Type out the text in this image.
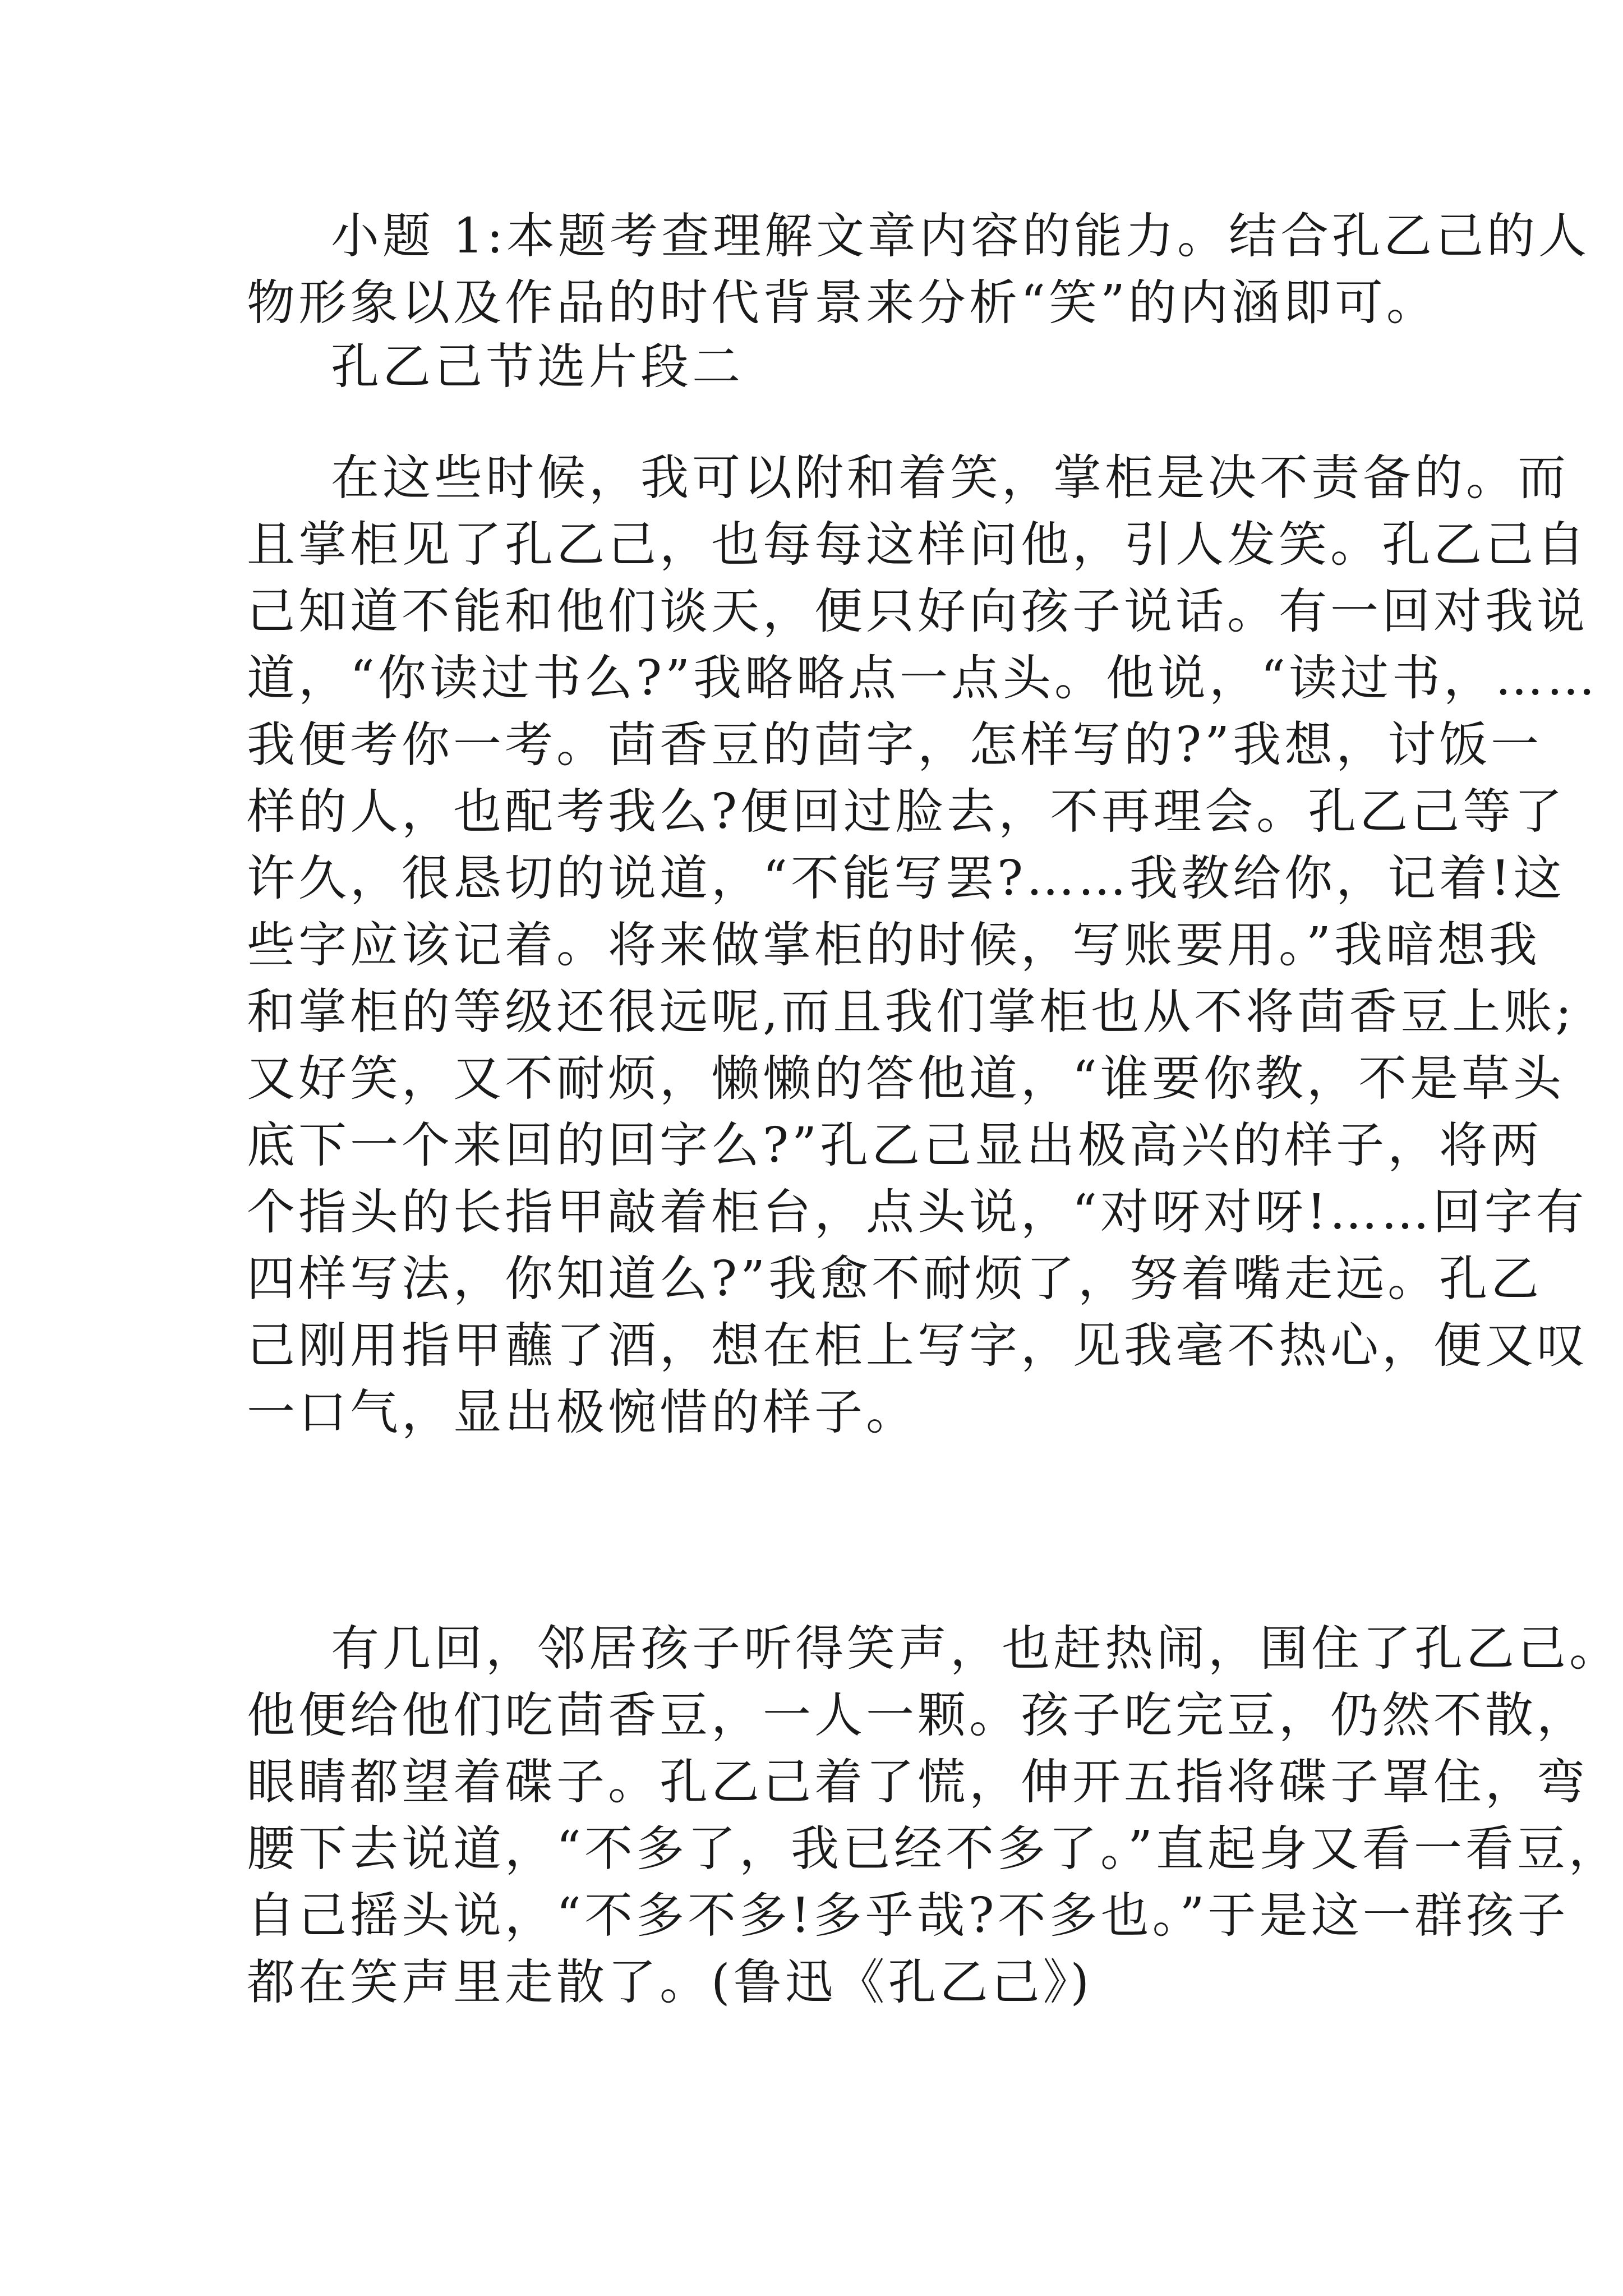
小题 1:本题考查理解文章内容的能力。结合孔乙己的人
物形象以及作品的时代背景来分析“笑”的内涵即可。
孔乙己节选片段二
在这些时候，我可以附和着笑，掌柜是决不责备的。而
且掌柜见了孔乙己，也每每这样问他，引人发笑。孔乙己自
己知道不能和他们谈天，便只好向孩子说话。有一回对我说
道，“你读过书么?”我略略点一点头。他说，“读过书，……
我便考你一考。茴香豆的茴字，怎样写的?”我想，讨饭一
样的人，也配考我么?便回过脸去，不再理会。孔乙己等了
许久，很恳切的说道，“不能写罢?……我教给你，记着!这
些字应该记着。将来做掌柜的时候，写账要用。”我暗想我
和掌柜的等级还很远呢,而且我们掌柜也从不将茴香豆上账;
又好笑，又不耐烦，懒懒的答他道，“谁要你教，不是草头
底下一个来回的回字么?”孔乙己显出极高兴的样子，将两
个指头的长指甲敲着柜台，点头说，“对呀对呀!……回字有
四样写法，你知道么?”我愈不耐烦了，努着嘴走远。孔乙
己刚用指甲蘸了酒，想在柜上写字，见我毫不热心，便又叹
一口气，显出极惋惜的样子。
有几回，邻居孩子听得笑声，也赶热闹，围住了孔乙己。
他便给他们吃茴香豆，一人一颗。孩子吃完豆，仍然不散，
眼睛都望着碟子。孔乙己着了慌，伸开五指将碟子罩住，弯
腰下去说道，“不多了，我已经不多了。”直起身又看一看豆，
自己摇头说，“不多不多!多乎哉?不多也。”于是这一群孩子
都在笑声里走散了。(鲁迅《孔乙己》)
